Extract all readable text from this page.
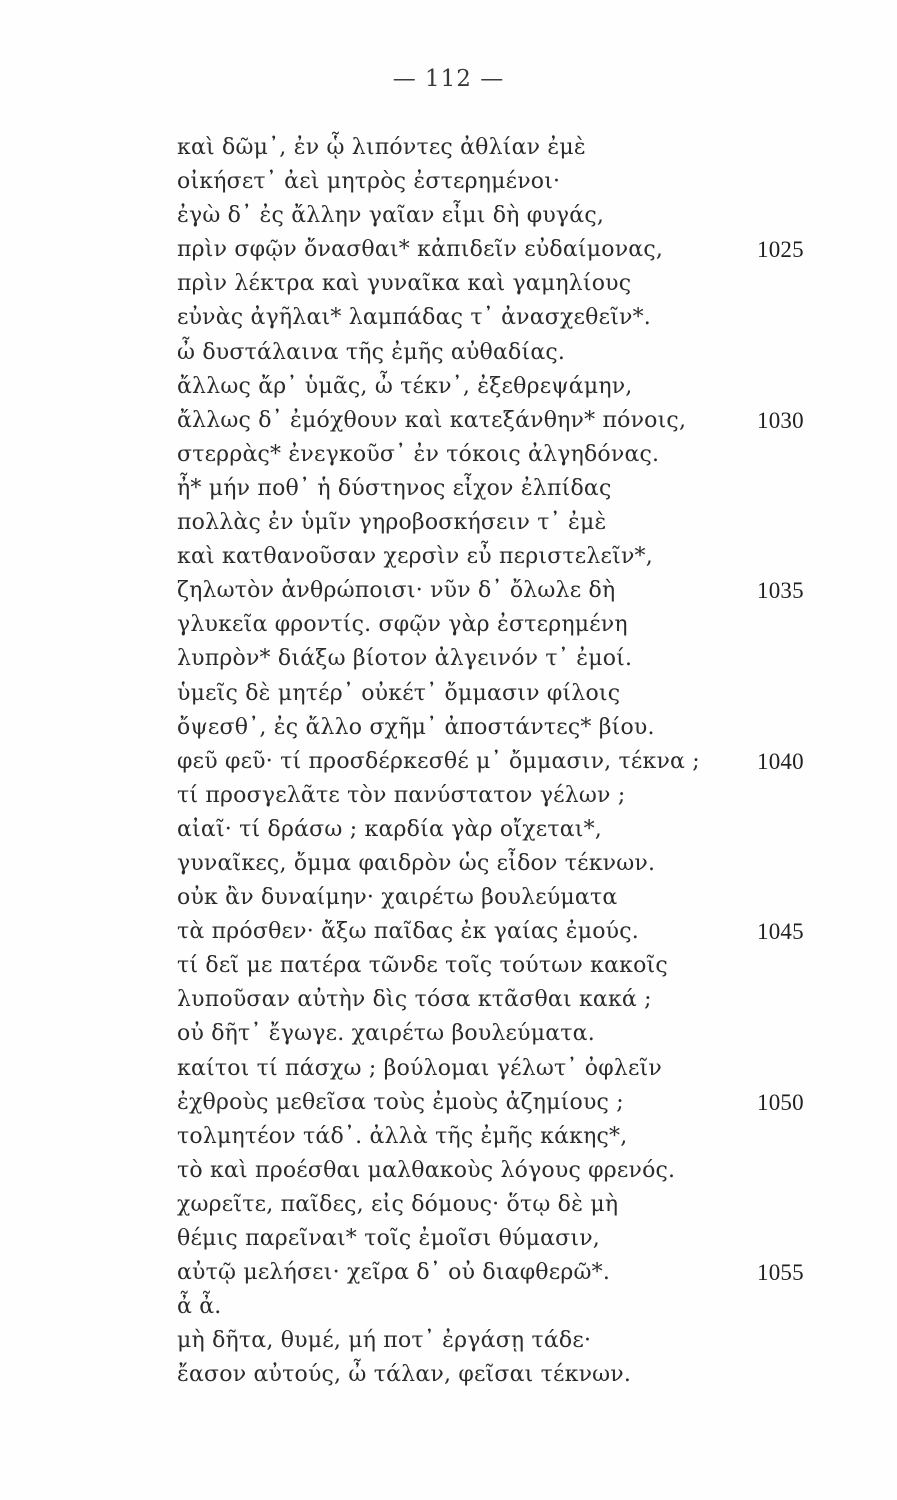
— 112 —
καὶ δῶμ᾽, ἐν ᾧ λιπόντες ἀθλίαν ἐμὲ
οἰκήσετ᾽ ἀεὶ μητρὸς ἐστερημένοι·
ἐγὼ δ᾽ ἐς ἄλλην γαῖαν εἶμι δὴ φυγάς,
πρὶν σφῷν ὄνασθαι* κἀπιδεῖν εὐδαίμονας,	1025
πρὶν λέκτρα καὶ γυναῖκα καὶ γαμηλίους
εὐνὰς ἀγῆλαι* λαμπάδας τ᾽ ἀνασχεθεῖν*.
ὦ δυστάλαινα τῆς ἐμῆς αὐθαδίας.
ἄλλως ἄρ᾽ ὑμᾶς, ὦ τέκν᾽, ἐξεθρεψάμην,
ἄλλως δ᾽ ἐμόχθουν καὶ κατεξάνθην* πόνοις,	1030
στερρὰς* ἐνεγκοῦσ᾽ ἐν τόκοις ἀλγηδόνας.
ἦ* μήν ποθ᾽ ἡ δύστηνος εἶχον ἐλπίδας
πολλὰς ἐν ὑμῖν γηροβοσκήσειν τ᾽ ἐμὲ
καὶ κατθανοῦσαν χερσὶν εὖ περιστελεῖν*,
ζηλωτὸν ἀνθρώποισι· νῦν δ᾽ ὄλωλε δὴ	1035
γλυκεῖα φροντίς. σφῷν γὰρ ἐστερημένη
λυπρὸν* διάξω βίοτον ἀλγεινόν τ᾽ ἐμοί.
ὑμεῖς δὲ μητέρ᾽ οὐκέτ᾽ ὄμμασιν φίλοις
ὄψεσθ᾽, ἐς ἄλλο σχῆμ᾽ ἀποστάντες* βίου.
φεῦ φεῦ· τί προσδέρκεσθέ μ᾽ ὄμμασιν, τέκνα ; 1040
τί προσγελᾶτε τὸν πανύστατον γέλων ;
αἰαῖ· τί δράσω ; καρδία γὰρ οἴχεται*,
γυναῖκες, ὄμμα φαιδρὸν ὡς εἶδον τέκνων.
οὐκ ἂν δυναίμην· χαιρέτω βουλεύματα
τὰ πρόσθεν· ἄξω παῖδας ἐκ γαίας ἐμούς.	1045
τί δεῖ με πατέρα τῶνδε τοῖς τούτων κακοῖς
λυποῦσαν αὐτὴν δὶς τόσα κτᾶσθαι κακά ;
οὐ δῆτ᾽ ἔγωγε. χαιρέτω βουλεύματα.
καίτοι τί πάσχω ; βούλομαι γέλωτ᾽ ὀφλεῖν
ἐχθροὺς μεθεῖσα τοὺς ἐμοὺς ἀζημίους ;	1050
τολμητέον τάδ᾽. ἀλλὰ τῆς ἐμῆς κάκης*,
τὸ καὶ προέσθαι μαλθακοὺς λόγους φρενός.
χωρεῖτε, παῖδες, εἰς δόμους· ὅτῳ δὲ μὴ
θέμις παρεῖναι* τοῖς ἐμοῖσι θύμασιν,
αὐτῷ μελήσει· χεῖρα δ᾽ οὐ διαφθερῶ*.	1055
ἆ ἆ.
μὴ δῆτα, θυμέ, μή ποτ᾽ ἐργάσῃ τάδε·
ἔασον αὐτούς, ὦ τάλαν, φεῖσαι τέκνων.
